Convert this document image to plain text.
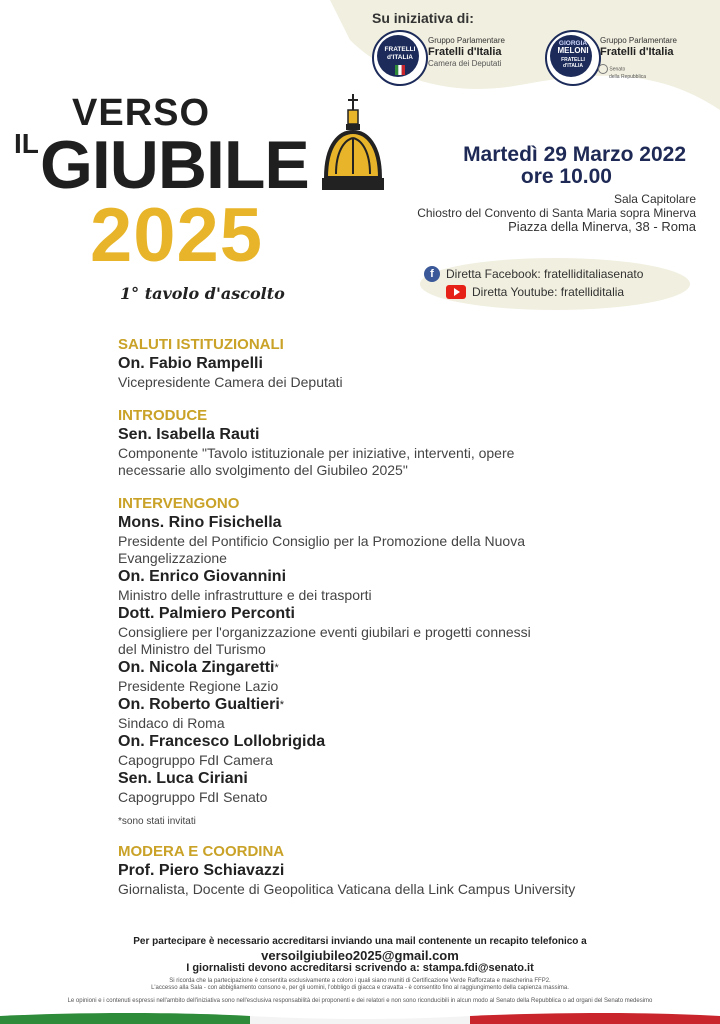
Su iniziativa di:
FRATELLI
d'ITALIA
Gruppo Parlamentare
Fratelli d'Italia
Camera dei Deputati
GIORGIA
MELONI
FRATELLI
d'ITALIA
Gruppo Parlamentare
Fratelli d'Italia
Senato
della Repubblica
VERSO
IL GIUBILE
2025
1° tavolo d'ascolto
Martedì 29 Marzo 2022
ore 10.00
Sala Capitolare
Chiostro del Convento di Santa Maria sopra Minerva
Piazza della Minerva, 38 - Roma
f	Diretta Facebook: fratelliditaliasenato
Diretta Youtube: fratelliditalia
SALUTI ISTITUZIONALI
On. Fabio Rampelli
Vicepresidente Camera dei Deputati
INTRODUCE
Sen. Isabella Rauti
Componente "Tavolo istituzionale per iniziative, interventi, opere
necessarie allo svolgimento del Giubileo 2025"
INTERVENGONO
Mons. Rino Fisichella
Presidente del Pontificio Consiglio per la Promozione della Nuova
Evangelizzazione
On. Enrico Giovannini
Ministro delle infrastrutture e dei trasporti
Dott. Palmiero Perconti
Consigliere per l'organizzazione eventi giubilari e progetti connessi
del Ministro del Turismo
On. Nicola Zingaretti*
Presidente Regione Lazio
On. Roberto Gualtieri*
Sindaco di Roma
On. Francesco Lollobrigida
Capogruppo FdI Camera
Sen. Luca Ciriani
Capogruppo FdI Senato
*sono stati invitati
MODERA E COORDINA
Prof. Piero Schiavazzi
Giornalista, Docente di Geopolitica Vaticana della Link Campus University
Per partecipare è necessario accreditarsi inviando una mail contenente un recapito telefonico a
versoilgiubileo2025@gmail.com
I giornalisti devono accreditarsi scrivendo a: stampa.fdi@senato.it
Si ricorda che la partecipazione è consentita esclusivamente a coloro i quali siano muniti di Certificazione Verde Rafforzata e mascherina FFP2.
L'accesso alla Sala - con abbigliamento consono e, per gli uomini, l'obbligo di giacca e cravatta - è consentito fino al raggiungimento della capienza massima.
Le opinioni e i contenuti espressi nell'ambito dell'iniziativa sono nell'esclusiva responsabilità dei proponenti e dei relatori e non sono riconducibili in alcun modo al Senato della Repubblica o ad organi del Senato medesimo
